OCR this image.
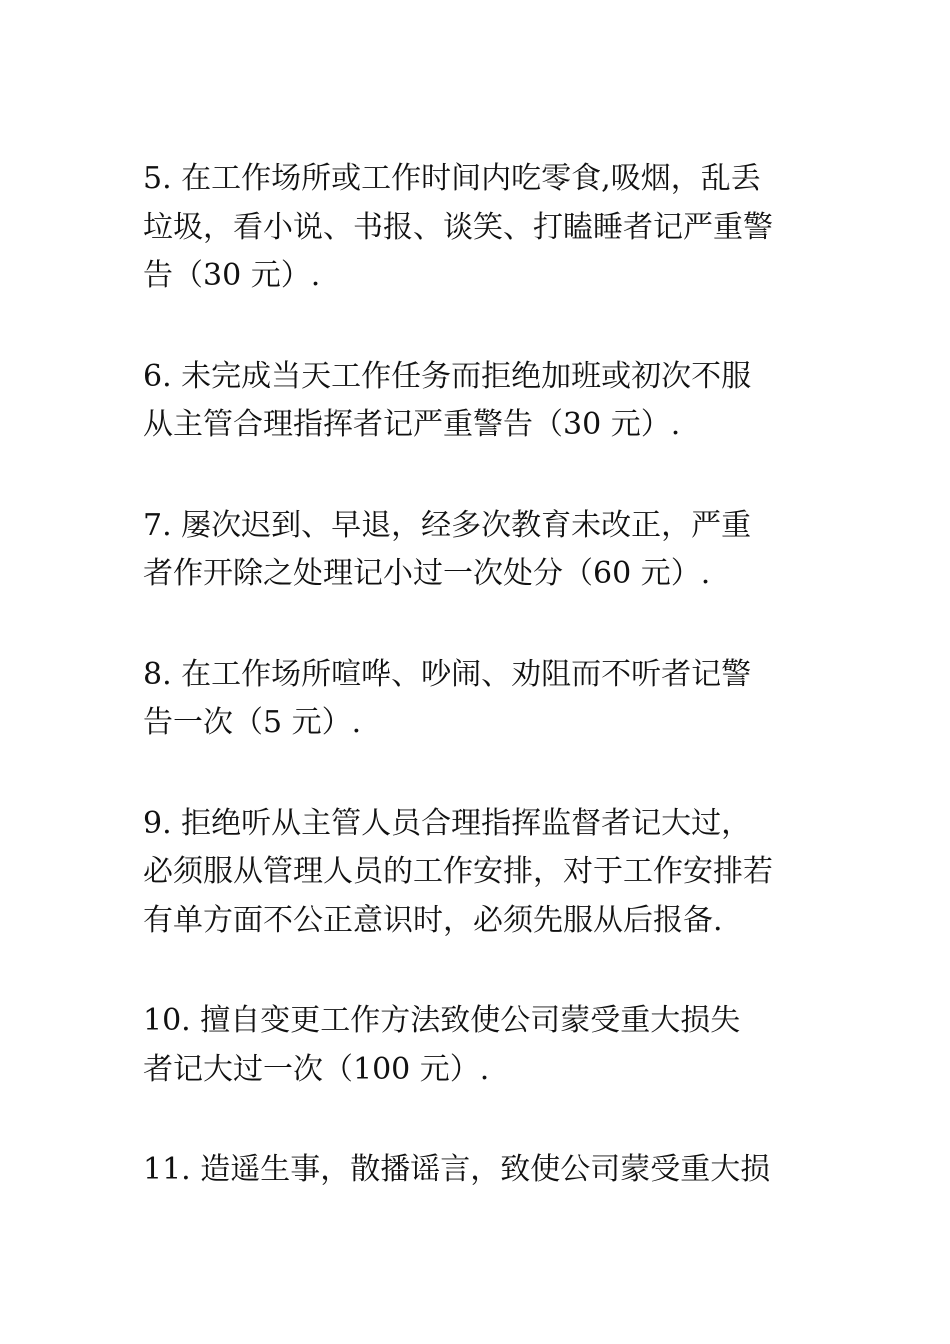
5. 在工作场所或工作时间内吃零食,吸烟，乱丢
垃圾，看小说、书报、谈笑、打瞌睡者记严重警
告（30 元）.
6. 未完成当天工作任务而拒绝加班或初次不服
从主管合理指挥者记严重警告（30 元）.
7. 屡次迟到、早退，经多次教育未改正，严重
者作开除之处理记小过一次处分（60 元）.
8. 在工作场所喧哗、吵闹、劝阻而不听者记警
告一次（5 元）.
9. 拒绝听从主管人员合理指挥监督者记大过，
必须服从管理人员的工作安排，对于工作安排若
有单方面不公正意识时，必须先服从后报备.
10. 擅自变更工作方法致使公司蒙受重大损失
者记大过一次（100 元）.
11. 造遥生事，散播谣言，致使公司蒙受重大损
